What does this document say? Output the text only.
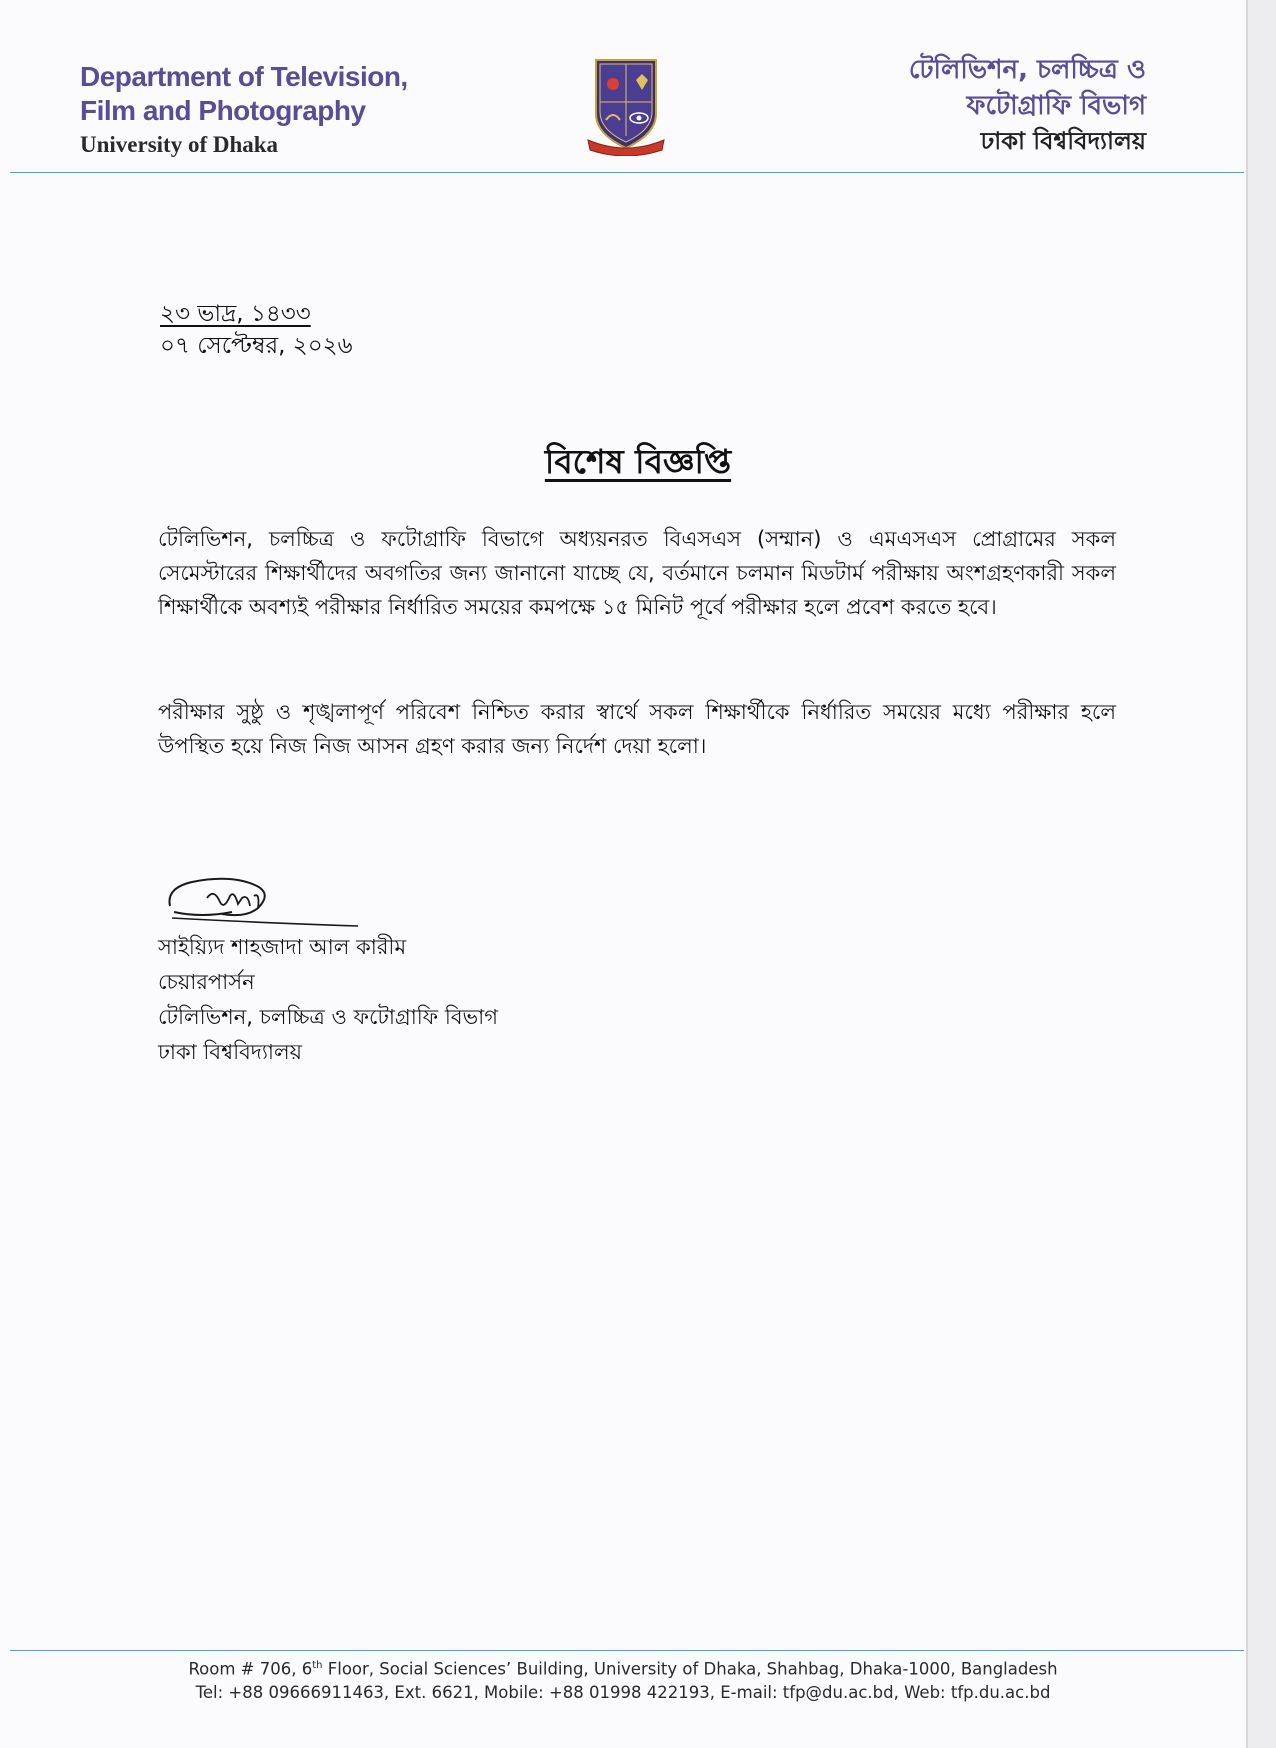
Department of Television,
Film and Photography
University of Dhaka
টেলিভিশন, চলচ্চিত্র ও
ফটোগ্রাফি বিভাগ
ঢাকা বিশ্ববিদ্যালয়
২৩ ভাদ্র, ১৪৩৩
০৭ সেপ্টেম্বর, ২০২৬
বিশেষ বিজ্ঞপ্তি
টেলিভিশন, চলচ্চিত্র ও ফটোগ্রাফি বিভাগে অধ্যয়নরত বিএসএস (সম্মান) ও এমএসএস প্রোগ্রামের সকল সেমেস্টারের শিক্ষার্থীদের অবগতির জন্য জানানো যাচ্ছে যে, বর্তমানে চলমান মিডটার্ম পরীক্ষায় অংশগ্রহণকারী সকল শিক্ষার্থীকে অবশ্যই পরীক্ষার নির্ধারিত সময়ের কমপক্ষে ১৫ মিনিট পূর্বে পরীক্ষার হলে প্রবেশ করতে হবে।
পরীক্ষার সুষ্ঠু ও শৃঙ্খলাপূর্ণ পরিবেশ নিশ্চিত করার স্বার্থে সকল শিক্ষার্থীকে নির্ধারিত সময়ের মধ্যে পরীক্ষার হলে উপস্থিত হয়ে নিজ নিজ আসন গ্রহণ করার জন্য নির্দেশ দেয়া হলো।
সাইয়্যিদ শাহজাদা আল কারীম
চেয়ারপার্সন
টেলিভিশন, চলচ্চিত্র ও ফটোগ্রাফি বিভাগ
ঢাকা বিশ্ববিদ্যালয়
Room # 706, 6th Floor, Social Sciences’ Building, University of Dhaka, Shahbag, Dhaka-1000, Bangladesh
Tel: +88 09666911463, Ext. 6621, Mobile: +88 01998 422193, E-mail: tfp@du.ac.bd, Web: tfp.du.ac.bd
